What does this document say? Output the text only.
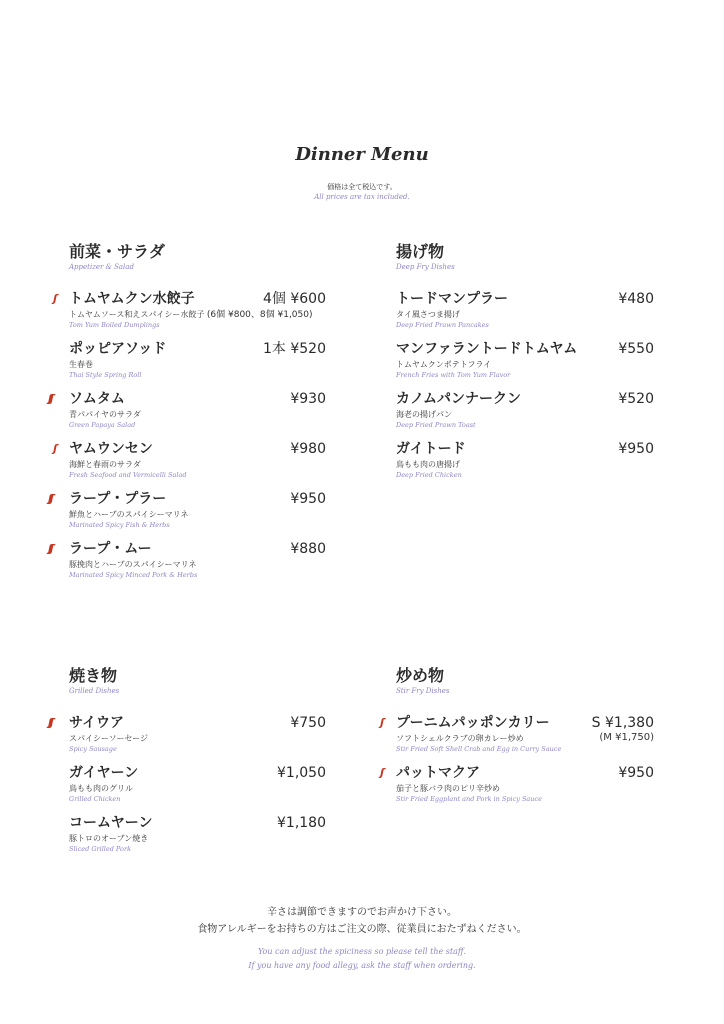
Dinner Menu
価格は全て税込です。
All prices are tax included.
前菜・サラダ
Appetizer & Salad
ʃ トムヤムクン水餃子	4個 ¥600
トムヤムソース和えスパイシー水餃子 (6個 ¥800、8個 ¥1,050)
Tom Yum Boiled Dumplings
ポッピアソッド	1本 ¥520
生春巻
Thai Style Spring Roll
ʃʃ ソムタム	¥930
青パパイヤのサラダ
Green Papaya Salad
ʃ ヤムウンセン	¥980
海鮮と春雨のサラダ
Fresh Seafood and Vermicelli Salad
ʃʃ ラープ・プラー	¥950
鮮魚とハーブのスパイシーマリネ
Marinated Spicy Fish & Herbs
ʃʃ ラープ・ムー	¥880
豚挽肉とハーブのスパイシーマリネ
Marinated Spicy Minced Pork & Herbs
揚げ物
Deep Fry Dishes
トードマンプラー	¥480
タイ風さつま揚げ
Deep Fried Prawn Pancakes
マンファラントードトムヤム	¥550
トムヤムクンポテトフライ
French Fries with Tom Yum Flavor
カノムパンナークン	¥520
海老の揚げパン
Deep Fried Prawn Toast
ガイトード	¥950
鳥もも肉の唐揚げ
Deep Fried Chicken
焼き物
Grilled Dishes
ʃʃ サイウア	¥750
スパイシーソーセージ
Spicy Sausage
ガイヤーン	¥1,050
鳥もも肉のグリル
Grilled Chicken
コームヤーン	¥1,180
豚トロのオーブン焼き
Sliced Grilled Pork
炒め物
Stir Fry Dishes
ʃ プーニムパッポンカリー	S ¥1,380
(M ¥1,750)
ソフトシェルクラブの卵カレー炒め
Stir Fried Soft Shell Crab and Egg in Curry Sauce
ʃ パットマクア	¥950
茄子と豚バラ肉のピリ辛炒め
Stir Fried Eggplant and Pork in Spicy Sauce
辛さは調節できますのでお声かけ下さい。
食物アレルギーをお持ちの方はご注文の際、従業員におたずねください。
You can adjust the spiciness so please tell the staff.
If you have any food allegy, ask the staff when ordering.
